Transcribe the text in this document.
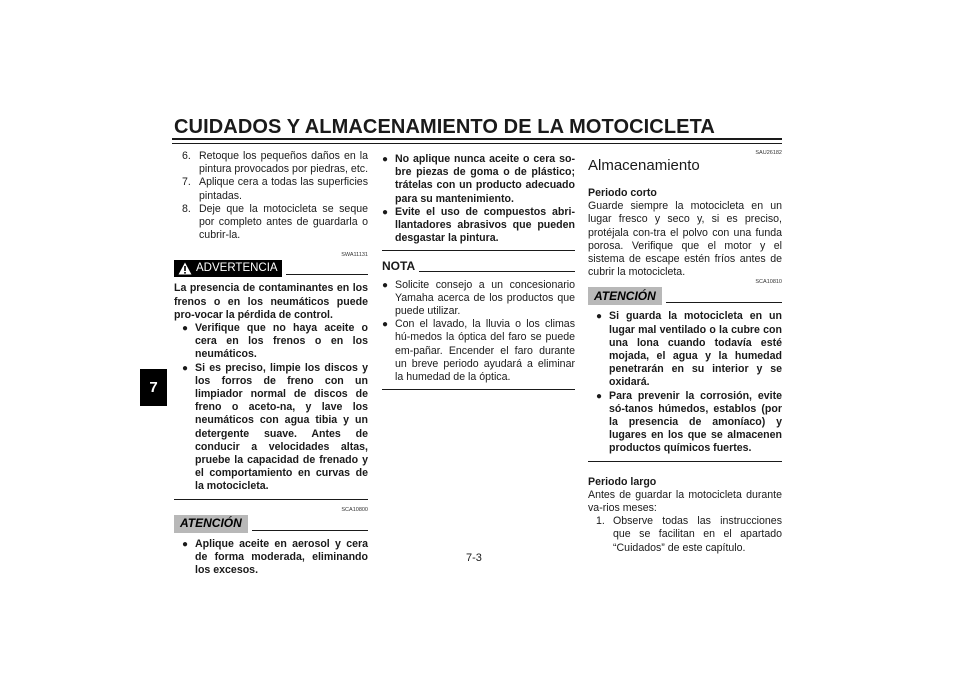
CUIDADOS Y ALMACENAMIENTO DE LA MOTOCICLETA
7
6. Retoque los pequeños daños en la pintura provocados por piedras, etc.
7. Aplique cera a todas las superficies pintadas.
8. Deje que la motocicleta se seque por completo antes de guardarla o cubrir-la.
SWA11131
ADVERTENCIA

La presencia de contaminantes en los frenos o en los neumáticos puede pro-vocar la pérdida de control.

● Verifique que no haya aceite o cera en los frenos o en los neumáticos.
● Si es preciso, limpie los discos y los forros de freno con un limpiador normal de discos de freno o aceto-na, y lave los neumáticos con agua tibia y un detergente suave. Antes de conducir a velocidades altas, pruebe la capacidad de frenado y el comportamiento en curvas de la motocicleta.
SCA10800
ATENCIÓN
● Aplique aceite en aerosol y cera de forma moderada, eliminando los excesos.
● No aplique nunca aceite o cera so-bre piezas de goma o de plástico; trátelas con un producto adecuado para su mantenimiento.
● Evite el uso de compuestos abri-llantadores abrasivos que pueden desgastar la pintura.
NOTA
● Solicite consejo a un concesionario Yamaha acerca de los productos que puede utilizar.
● Con el lavado, la lluvia o los climas hú-medos la óptica del faro se puede em-pañar. Encender el faro durante un breve periodo ayudará a eliminar la humedad de la óptica.
SAU26182
Almacenamiento

Periodo corto

Guarde siempre la motocicleta en un lugar fresco y seco y, si es preciso, protéjala con-tra el polvo con una funda porosa. Verifique que el motor y el sistema de escape estén fríos antes de cubrir la motocicleta.

SCA10810
ATENCIÓN
● Si guarda la motocicleta en un lugar mal ventilado o la cubre con una lona cuando todavía esté mojada, el agua y la humedad penetrarán en su interior y se oxidará.
● Para prevenir la corrosión, evite só-tanos húmedos, establos (por la presencia de amoníaco) y lugares en los que se almacenen productos químicos fuertes.

Periodo largo

Antes de guardar la motocicleta durante va-rios meses:

1. Observe todas las instrucciones que se facilitan en el apartado “Cuidados” de este capítulo.
7-3
